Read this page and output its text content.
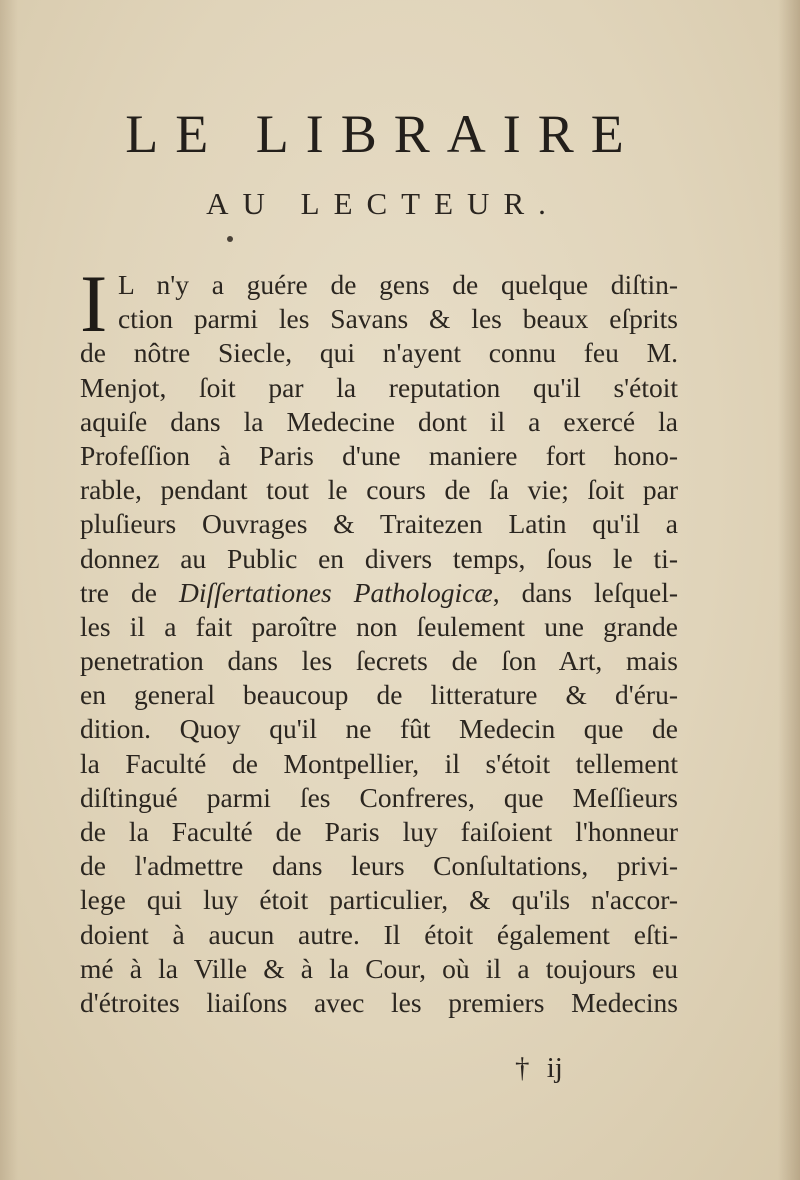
LE LIBRAIRE
AU LECTEUR.
I L n'y a guére de gens de quelque diſtin-
ction parmi les Savans & les beaux eſprits
de nôtre Siecle, qui n'ayent connu feu M.
Menjot, ſoit par la reputation qu'il s'étoit
aquiſe dans la Medecine dont il a exercé la
Profeſſion à Paris d'une maniere fort hono-
rable, pendant tout le cours de ſa vie; ſoit par
pluſieurs Ouvrages & Traitezen Latin qu'il a
donnez au Public en divers temps, ſous le ti-
tre de Diſſertationes Pathologicæ, dans leſquel-
les il a fait paroître non ſeulement une grande
penetration dans les ſecrets de ſon Art, mais
en general beaucoup de litterature & d'éru-
dition. Quoy qu'il ne fût Medecin que de
la Faculté de Montpellier, il s'étoit tellement
diſtingué parmi ſes Confreres, que Meſſieurs
de la Faculté de Paris luy faiſoient l'honneur
de l'admettre dans leurs Conſultations, privi-
lege qui luy étoit particulier, & qu'ils n'accor-
doient à aucun autre. Il étoit également eſti-
mé à la Ville & à la Cour, où il a toujours eu
d'étroites liaiſons avec les premiers Medecins
† ij
